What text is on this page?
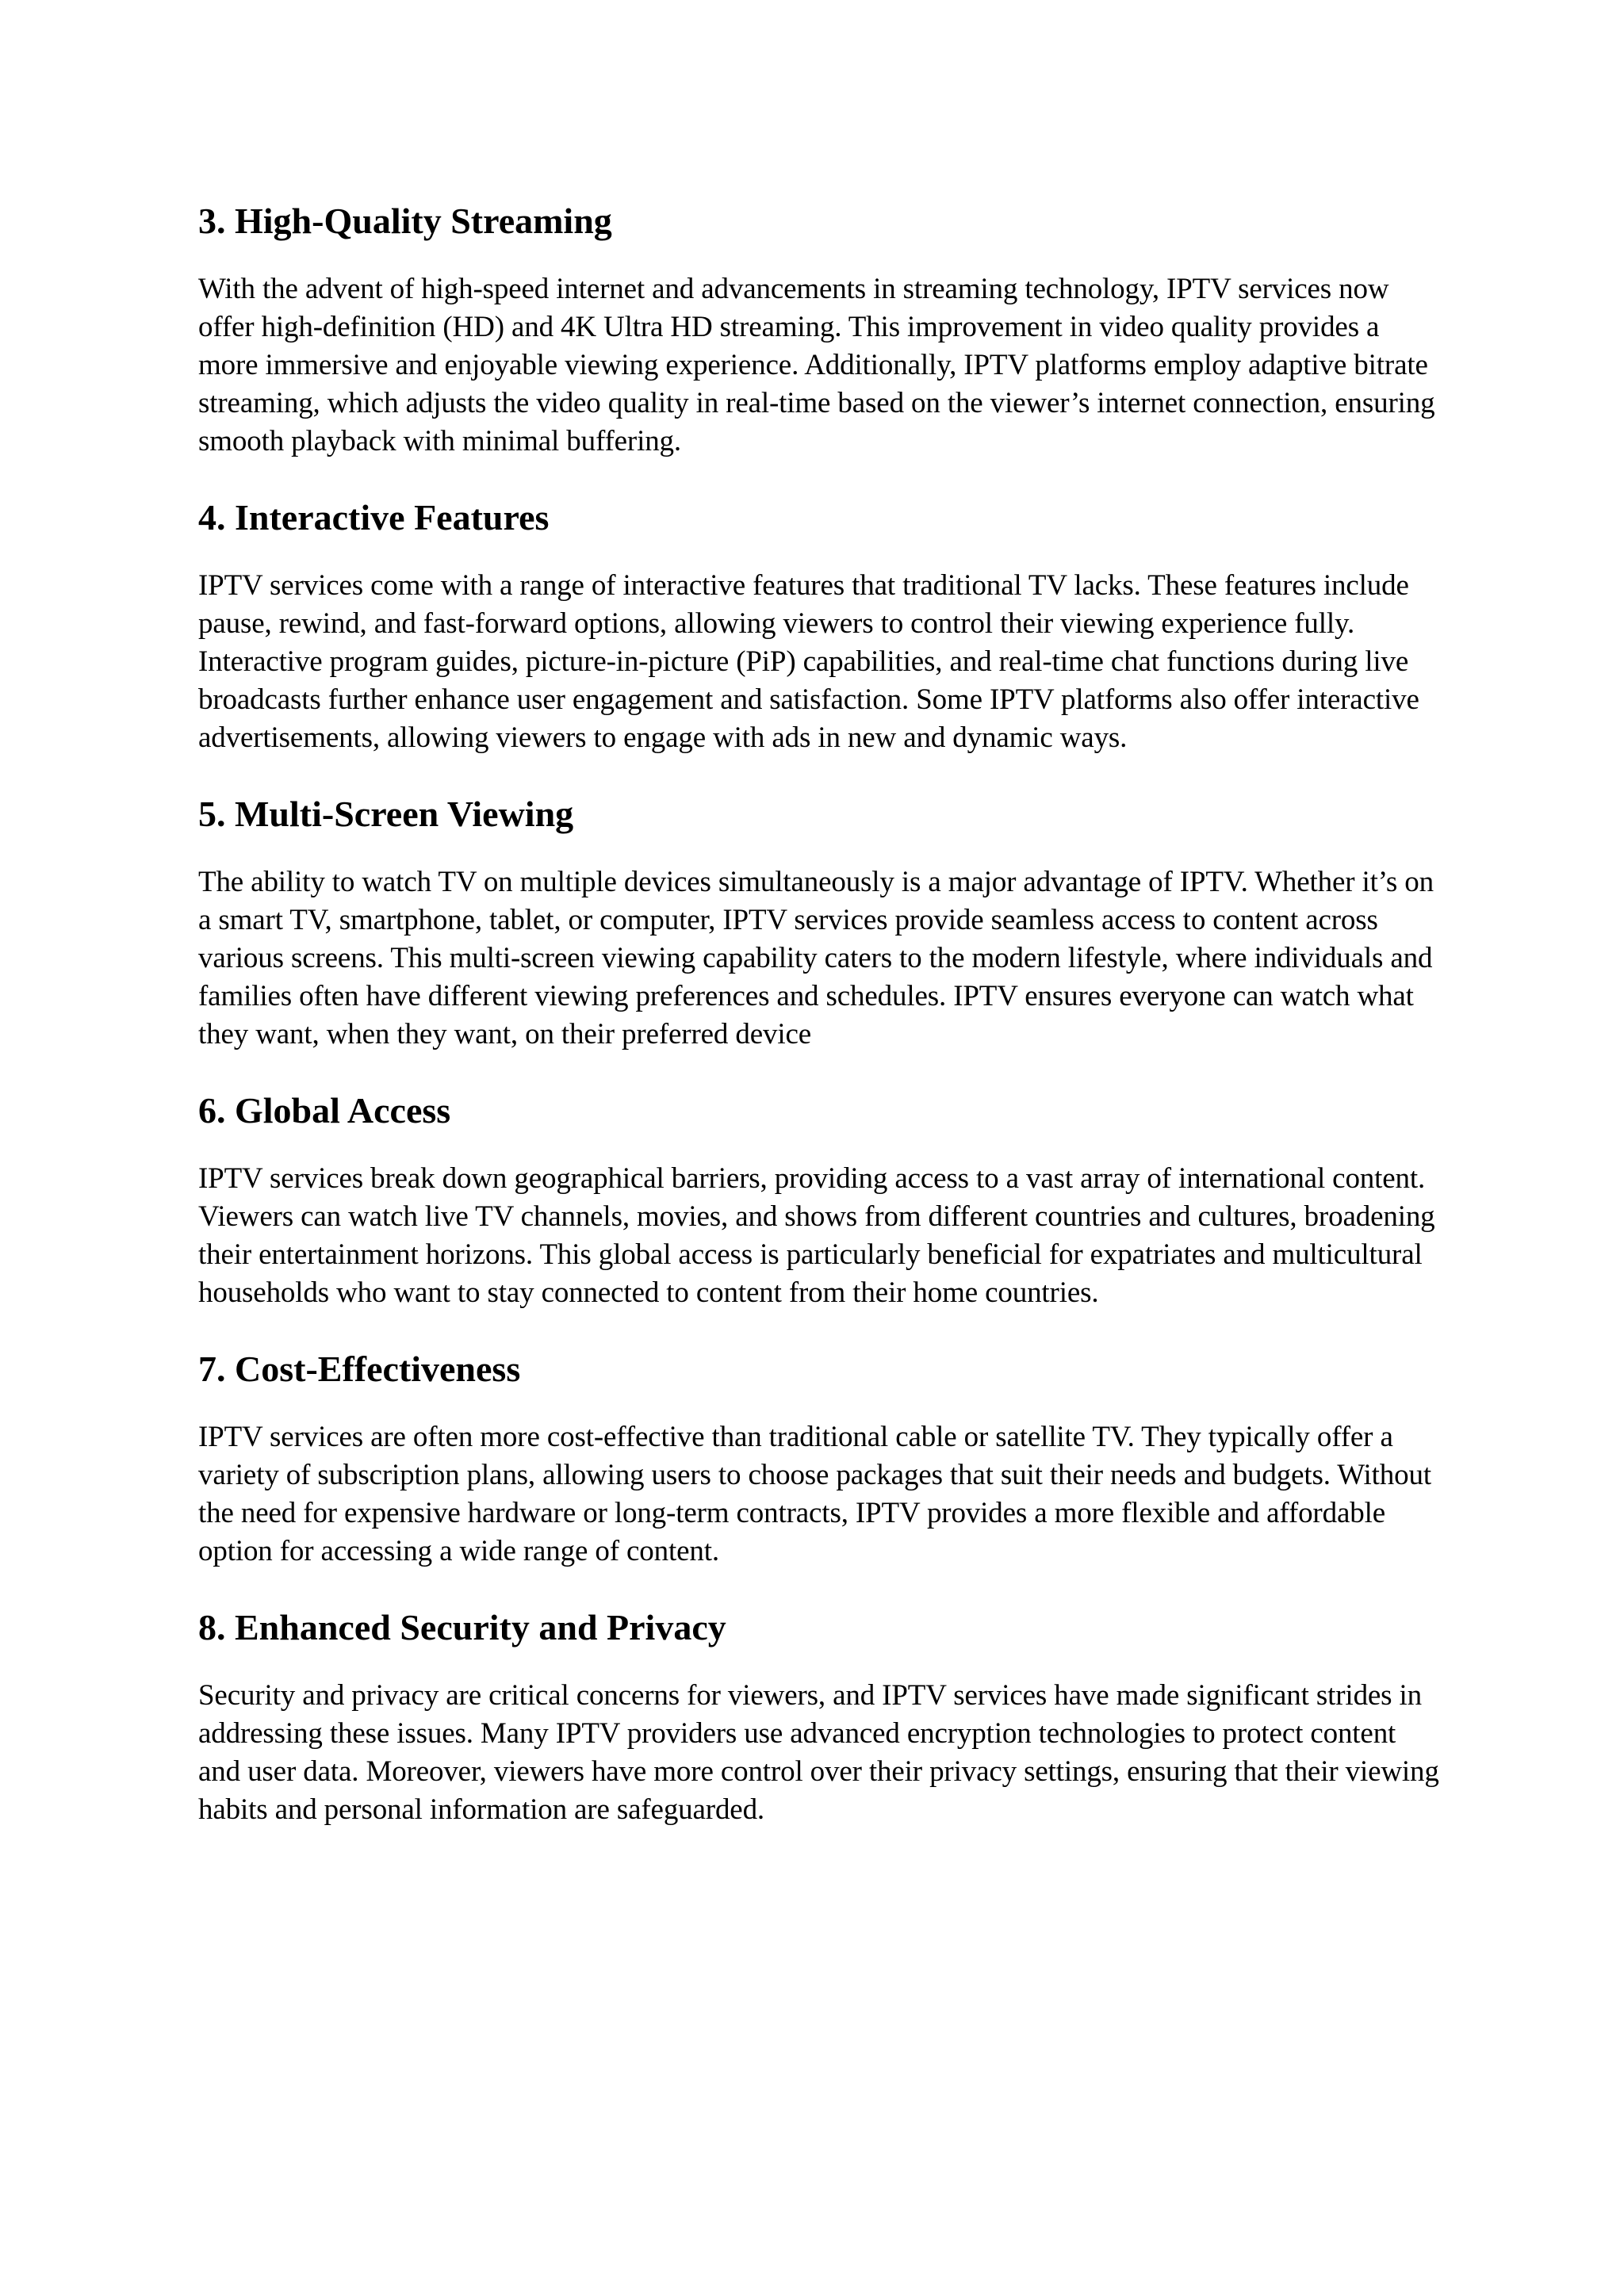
3. High-Quality Streaming

With the advent of high-speed internet and advancements in streaming technology, IPTV services now offer high-definition (HD) and 4K Ultra HD streaming. This improvement in video quality provides a more immersive and enjoyable viewing experience. Additionally, IPTV platforms employ adaptive bitrate streaming, which adjusts the video quality in real-time based on the viewer’s internet connection, ensuring smooth playback with minimal buffering.

4. Interactive Features

IPTV services come with a range of interactive features that traditional TV lacks. These features include pause, rewind, and fast-forward options, allowing viewers to control their viewing experience fully. Interactive program guides, picture-in-picture (PiP) capabilities, and real-time chat functions during live broadcasts further enhance user engagement and satisfaction. Some IPTV platforms also offer interactive advertisements, allowing viewers to engage with ads in new and dynamic ways.

5. Multi-Screen Viewing

The ability to watch TV on multiple devices simultaneously is a major advantage of IPTV. Whether it’s on a smart TV, smartphone, tablet, or computer, IPTV services provide seamless access to content across various screens. This multi-screen viewing capability caters to the modern lifestyle, where individuals and families often have different viewing preferences and schedules. IPTV ensures everyone can watch what they want, when they want, on their preferred device

6. Global Access

IPTV services break down geographical barriers, providing access to a vast array of international content. Viewers can watch live TV channels, movies, and shows from different countries and cultures, broadening their entertainment horizons. This global access is particularly beneficial for expatriates and multicultural households who want to stay connected to content from their home countries.

7. Cost-Effectiveness

IPTV services are often more cost-effective than traditional cable or satellite TV. They typically offer a variety of subscription plans, allowing users to choose packages that suit their needs and budgets. Without the need for expensive hardware or long-term contracts, IPTV provides a more flexible and affordable option for accessing a wide range of content.

8. Enhanced Security and Privacy

Security and privacy are critical concerns for viewers, and IPTV services have made significant strides in addressing these issues. Many IPTV providers use advanced encryption technologies to protect content and user data. Moreover, viewers have more control over their privacy settings, ensuring that their viewing habits and personal information are safeguarded.
